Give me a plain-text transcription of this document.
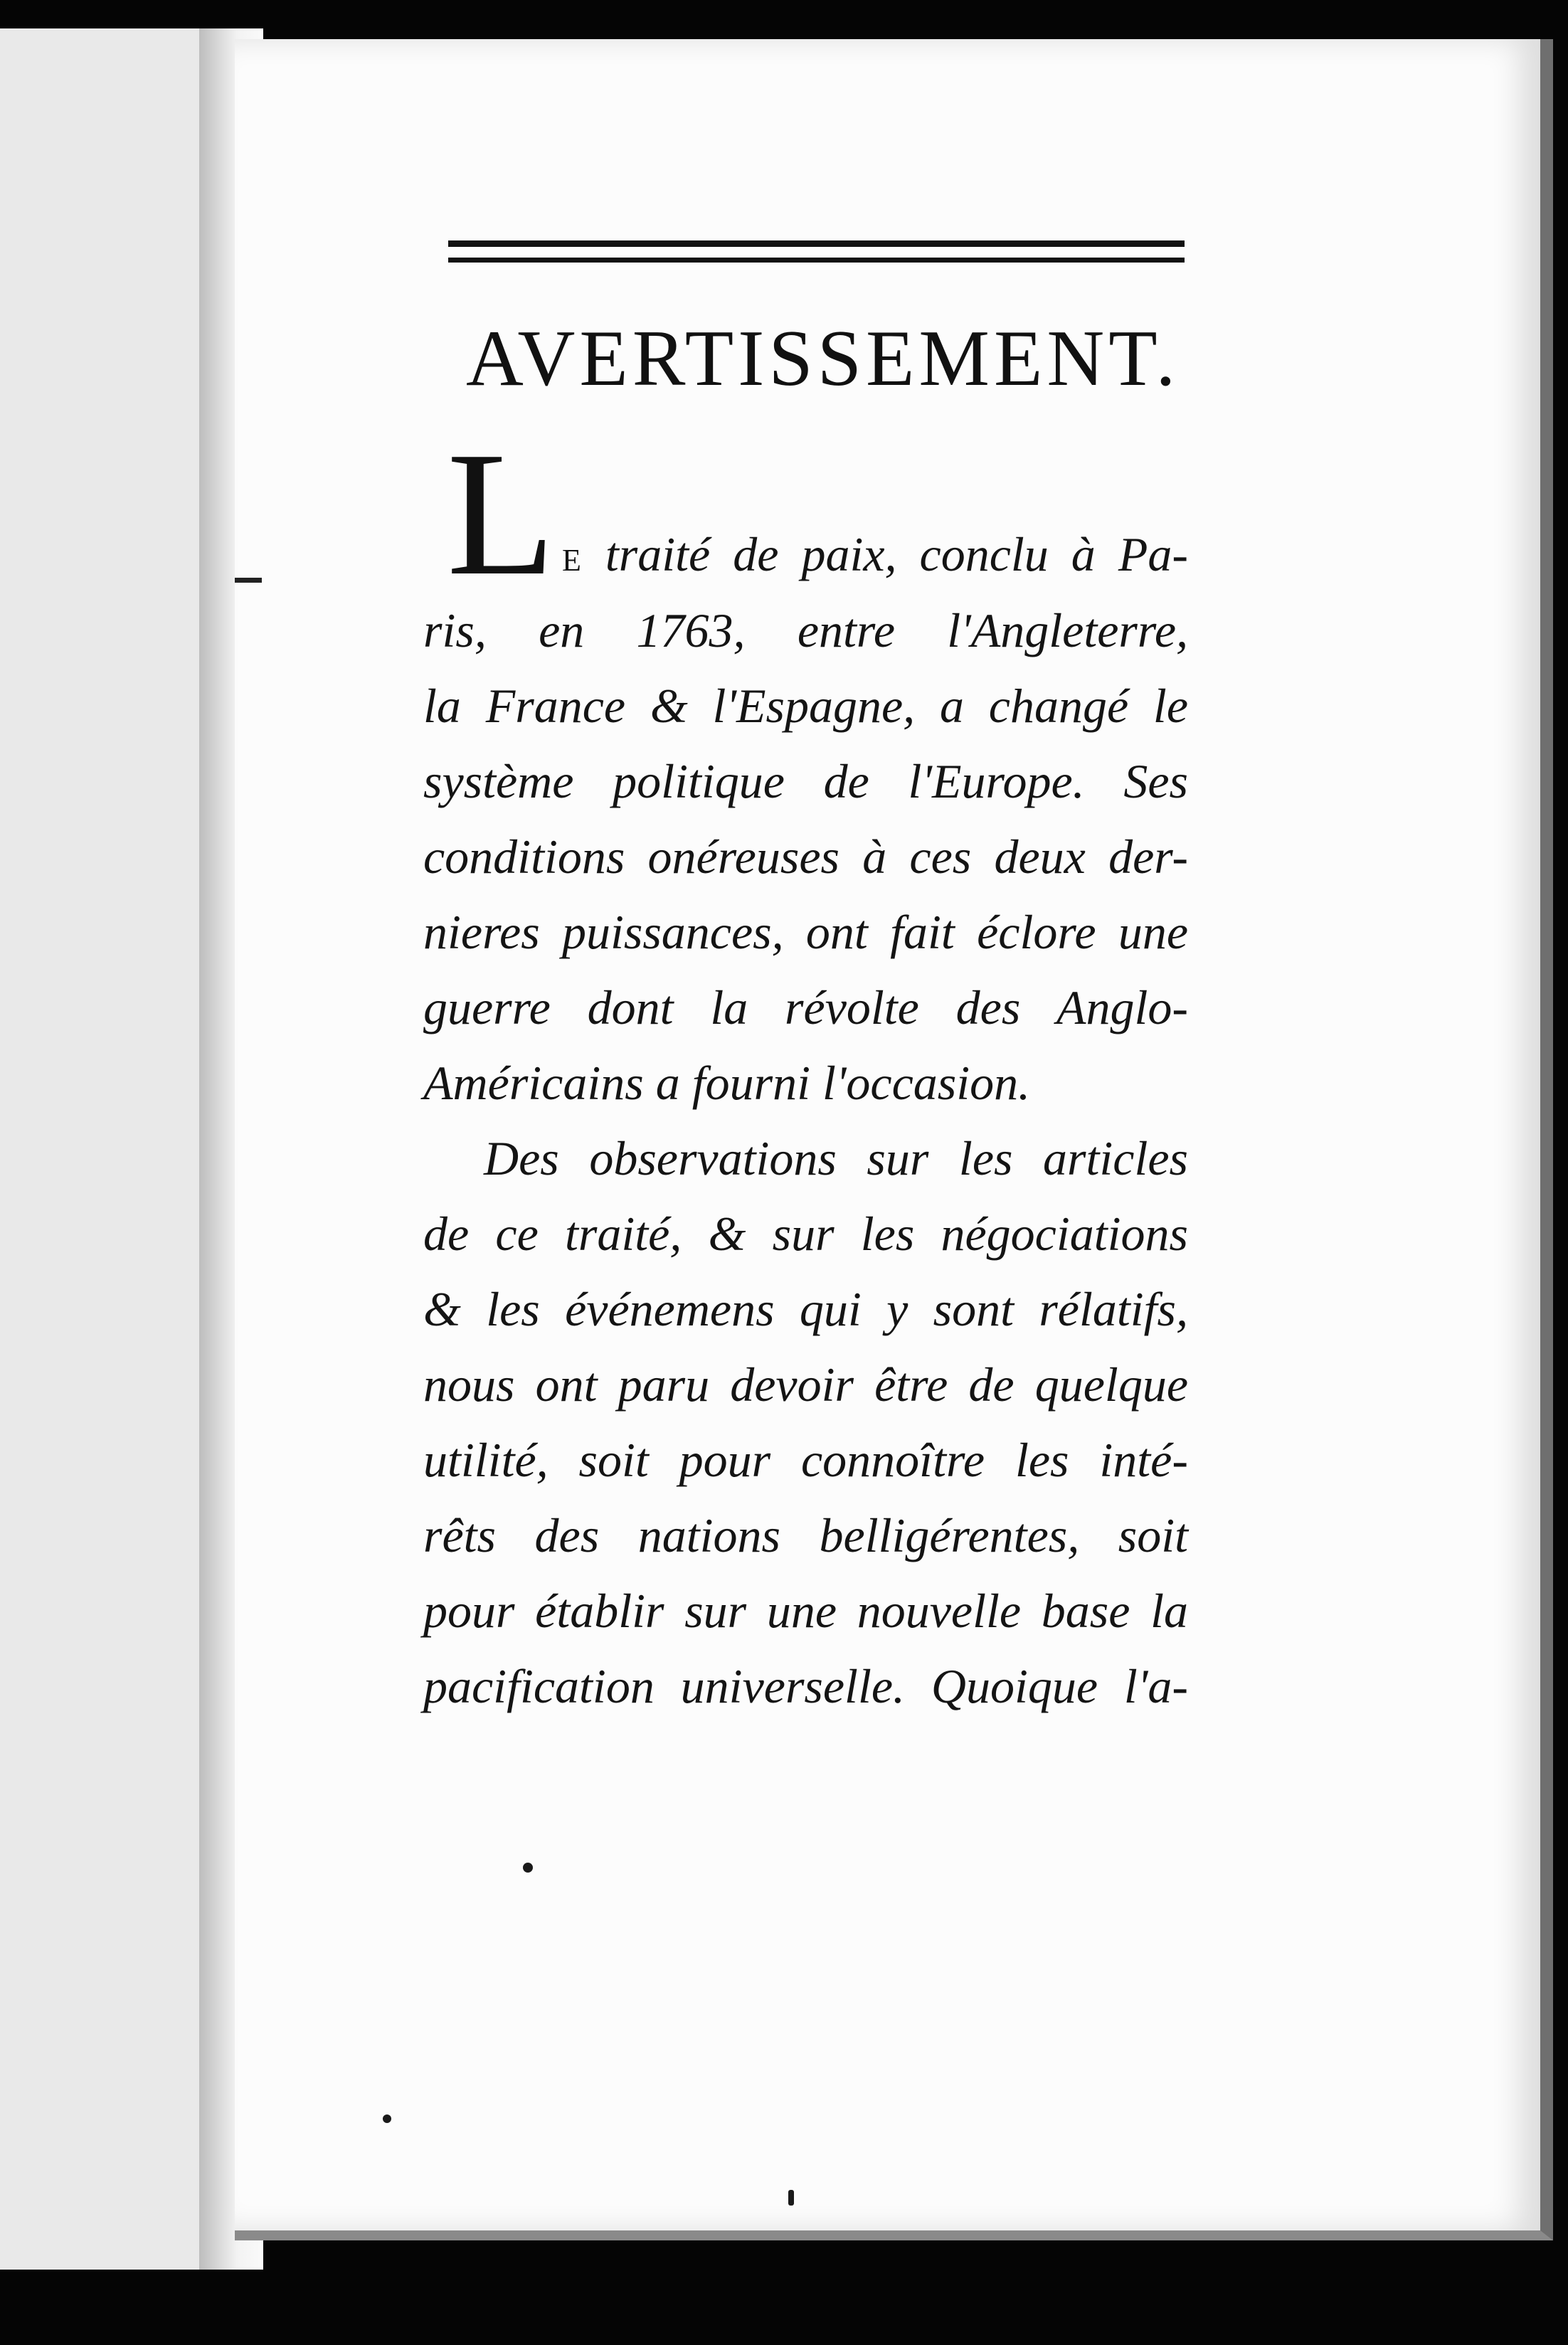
AVERTISSEMENT.
L E traité de paix, conclu à Pa-
ris, en 1763, entre l'Angleterre,
la France & l'Espagne, a changé le
système politique de l'Europe. Ses
conditions onéreuses à ces deux der-
nieres puissances, ont fait éclore une
guerre dont la révolte des Anglo-
Américains a fourni l'occasion.
Des observations sur les articles
de ce traité, & sur les négociations
& les événemens qui y sont rélatifs,
nous ont paru devoir être de quelque
utilité, soit pour connoître les inté-
rêts des nations belligérentes, soit
pour établir sur une nouvelle base la
pacification universelle. Quoique l'a-
